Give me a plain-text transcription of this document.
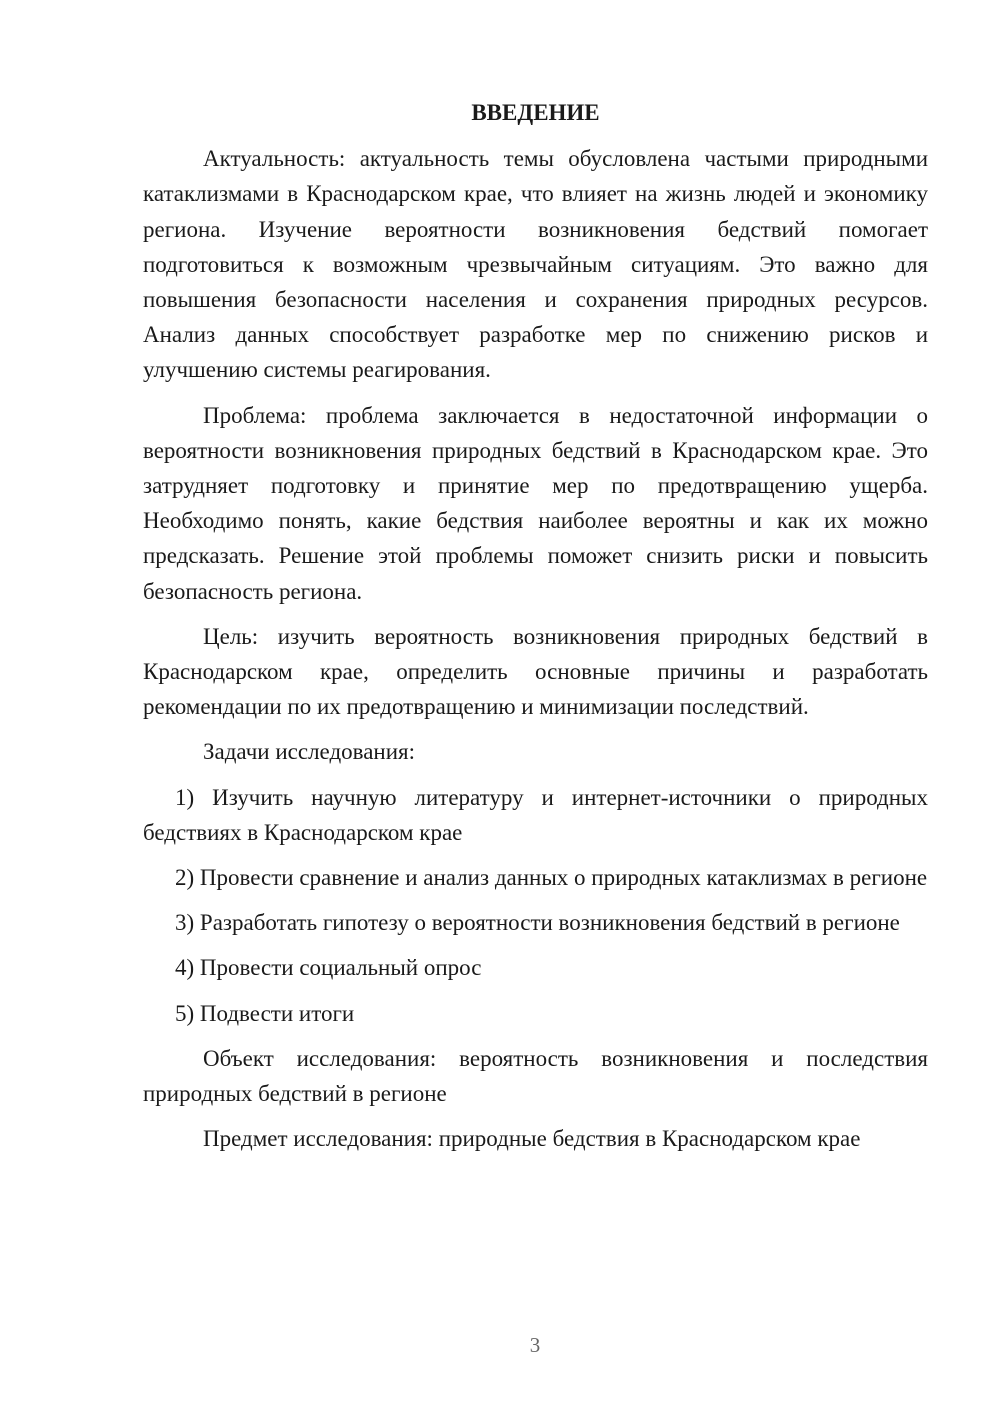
ВВЕДЕНИЕ

Актуальность: актуальность темы обусловлена частыми природными катаклизмами в Краснодарском крае, что влияет на жизнь людей и экономику региона. Изучение вероятности возникновения бедствий помогает подготовиться к возможным чрезвычайным ситуациям. Это важно для повышения безопасности населения и сохранения природных ресурсов. Анализ данных способствует разработке мер по снижению рисков и улучшению системы реагирования.

Проблема: проблема заключается в недостаточной информации о вероятности возникновения природных бедствий в Краснодарском крае. Это затрудняет подготовку и принятие мер по предотвращению ущерба. Необходимо понять, какие бедствия наиболее вероятны и как их можно предсказать. Решение этой проблемы поможет снизить риски и повысить безопасность региона.

Цель: изучить вероятность возникновения природных бедствий в Краснодарском крае, определить основные причины и разработать рекомендации по их предотвращению и минимизации последствий.

Задачи исследования:

1) Изучить научную литературу и интернет-источники о природных бедствиях в Краснодарском крае

2) Провести сравнение и анализ данных о природных катаклизмах в регионе

3) Разработать гипотезу о вероятности возникновения бедствий в регионе

4) Провести социальный опрос

5) Подвести итоги

Объект исследования: вероятность возникновения и последствия природных бедствий в регионе

Предмет исследования: природные бедствия в Краснодарском крае

3
